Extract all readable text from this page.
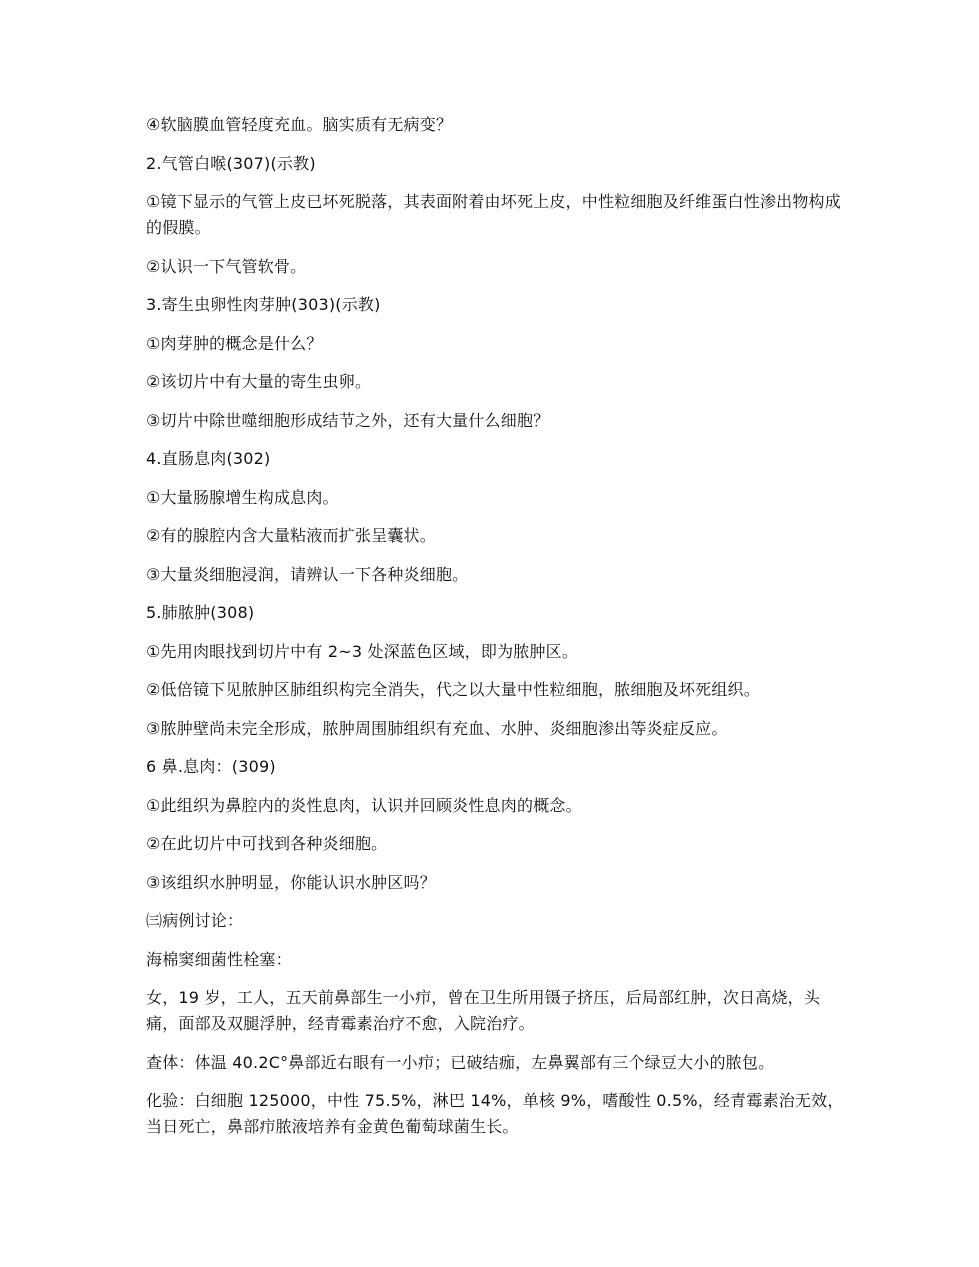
④软脑膜血管轻度充血。脑实质有无病变？

2.气管白喉(307)(示教)

①镜下显示的气管上皮已坏死脱落，其表面附着由坏死上皮，中性粒细胞及纤维蛋白性渗出物构成的假膜。

②认识一下气管软骨。

3.寄生虫卵性肉芽肿(303)(示教)

①肉芽肿的概念是什么？

②该切片中有大量的寄生虫卵。

③切片中除世噬细胞形成结节之外，还有大量什么细胞？

4.直肠息肉(302)

①大量肠腺增生构成息肉。

②有的腺腔内含大量粘液而扩张呈囊状。

③大量炎细胞浸润，请辨认一下各种炎细胞。

5.肺脓肿(308)

①先用肉眼找到切片中有 2~3 处深蓝色区域，即为脓肿区。

②低倍镜下见脓肿区肺组织构完全消失，代之以大量中性粒细胞，脓细胞及坏死组织。

③脓肿壁尚未完全形成，脓肿周围肺组织有充血、水肿、炎细胞渗出等炎症反应。

6 鼻.息肉：(309)

①此组织为鼻腔内的炎性息肉，认识并回顾炎性息肉的概念。

②在此切片中可找到各种炎细胞。

③该组织水肿明显，你能认识水肿区吗？

㈢病例讨论：

海棉窦细菌性栓塞：

女，19 岁，工人，五天前鼻部生一小疖，曾在卫生所用镊子挤压，后局部红肿，次日高烧，头痛，面部及双腿浮肿，经青霉素治疗不愈，入院治疗。

查体：体温 40.2C°鼻部近右眼有一小疖；已破结痂，左鼻翼部有三个绿豆大小的脓包。

化验：白细胞 125000，中性 75.5%，淋巴 14%，单核 9%，嗜酸性 0.5%，经青霉素治无效，当日死亡，鼻部疖脓液培养有金黄色葡萄球菌生长。
